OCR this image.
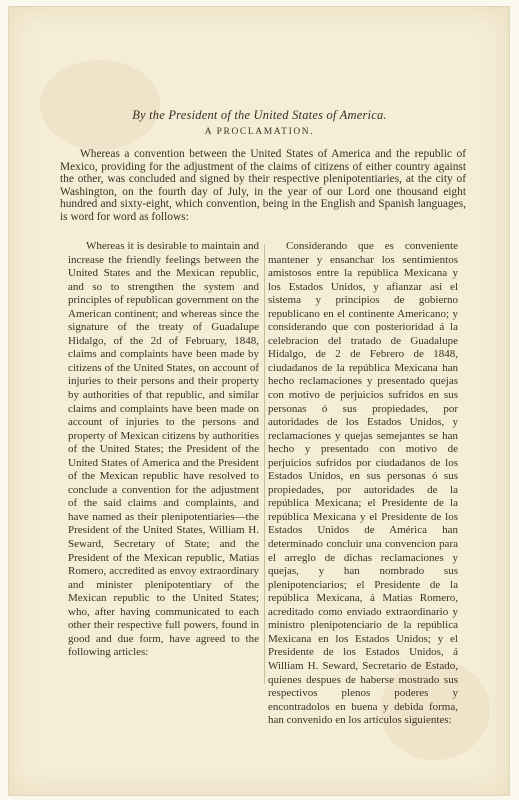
By the President of the United States of America.
A PROCLAMATION.

Whereas a convention between the United States of America and the republic of Mexico, providing for the adjustment of the claims of citizens of either country against the other, was concluded and signed by their respective plenipotentiaries, at the city of Washington, on the fourth day of July, in the year of our Lord one thousand eight hundred and sixty-eight, which convention, being in the English and Spanish languages, is word for word as follows:

Whereas it is desirable to maintain and increase the friendly feelings between the United States and the Mexican republic, and so to strengthen the system and principles of republican government on the American continent; and whereas since the signature of the treaty of Guadalupe Hidalgo, of the 2d of February, 1848, claims and complaints have been made by citizens of the United States, on account of injuries to their persons and their property by authorities of that republic, and similar claims and complaints have been made on account of injuries to the persons and property of Mexican citizens by authorities of the United States; the President of the United States of America and the President of the Mexican republic have resolved to conclude a convention for the adjustment of the said claims and complaints, and have named as their plenipotentiaries—the President of the United States, William H. Seward, Secretary of State; and the President of the Mexican republic, Matias Romero, accredited as envoy extraordinary and minister plenipotentiary of the Mexican republic to the United States; who, after having communicated to each other their respective full powers, found in good and due form, have agreed to the following articles:

Considerando que es conveniente mantener y ensanchar los sentimientos amistosos entre la república Mexicana y los Estados Unidos, y afianzar asi el sistema y principios de gobierno republicano en el continente Americano; y considerando que con posterioridad á la celebracion del tratado de Guadalupe Hidalgo, de 2 de Febrero de 1848, ciudadanos de la república Mexicana han hecho reclamaciones y presentado quejas con motivo de perjuicios sufridos en sus personas ó sus propiedades, por autoridades de los Estados Unidos, y reclamaciones y quejas semejantes se han hecho y presentado con motivo de perjuicios sufridos por ciudadanos de los Estados Unidos, en sus personas ó sus propiedades, por autoridades de la república Mexicana; el Presidente de la república Mexicana y el Presidente de los Estados Unidos de América han determinado concluir una convencion para el arreglo de dichas reclamaciones y quejas, y han nombrado sus plenipotenciarios; el Presidente de la república Mexicana, á Matias Romero, acreditado como enviado extraordinario y ministro plenipotenciario de la república Mexicana en los Estados Unidos; y el Presidente de los Estados Unidos, á William H. Seward, Secretario de Estado, quienes despues de haberse mostrado sus respectivos plenos poderes y encontradolos en buena y debida forma, han convenido en los artículos siguientes:
